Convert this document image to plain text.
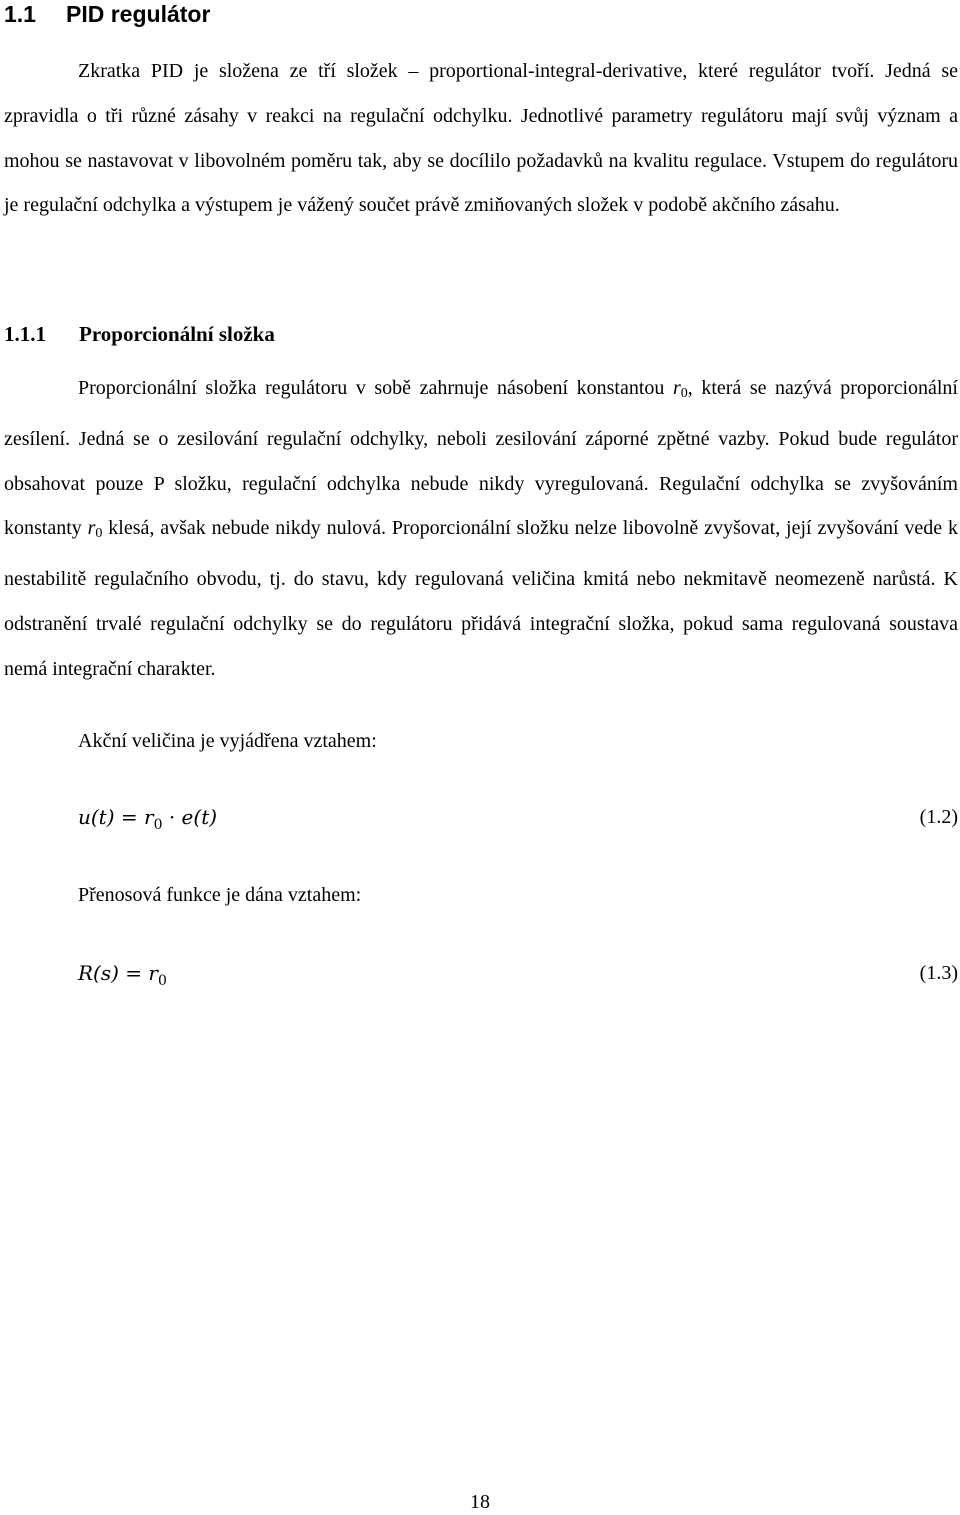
1.1 PID regulátor

Zkratka PID je složena ze tří složek – proportional-integral-derivative, které regulátor tvoří. Jedná se zpravidla o tři různé zásahy v reakci na regulační odchylku. Jednotlivé parametry regulátoru mají svůj význam a mohou se nastavovat v libovolném poměru tak, aby se docílilo požadavků na kvalitu regulace. Vstupem do regulátoru je regulační odchylka a výstupem je vážený součet právě zmiňovaných složek v podobě akčního zásahu.

1.1.1 Proporcionální složka

Proporcionální složka regulátoru v sobě zahrnuje násobení konstantou $r_0$, která se nazývá proporcionální zesílení. Jedná se o zesilování regulační odchylky, neboli zesilování záporné zpětné vazby. Pokud bude regulátor obsahovat pouze P složku, regulační odchylka nebude nikdy vyregulovaná. Regulační odchylka se zvyšováním konstanty $r_0$ klesá, avšak nebude nikdy nulová. Proporcionální složku nelze libovolně zvyšovat, její zvyšování vede k nestabilitě regulačního obvodu, tj. do stavu, kdy regulovaná veličina kmitá nebo nekmitavě neomezeně narůstá. K odstranění trvalé regulační odchylky se do regulátoru přidává integrační složka, pokud sama regulovaná soustava nemá integrační charakter.

Akční veličina je vyjádřena vztahem:
$u(t) = r_0 \cdot e(t)$	(1.2)
Přenosová funkce je dána vztahem:
$R(s) = r_0$	(1.3)
18
